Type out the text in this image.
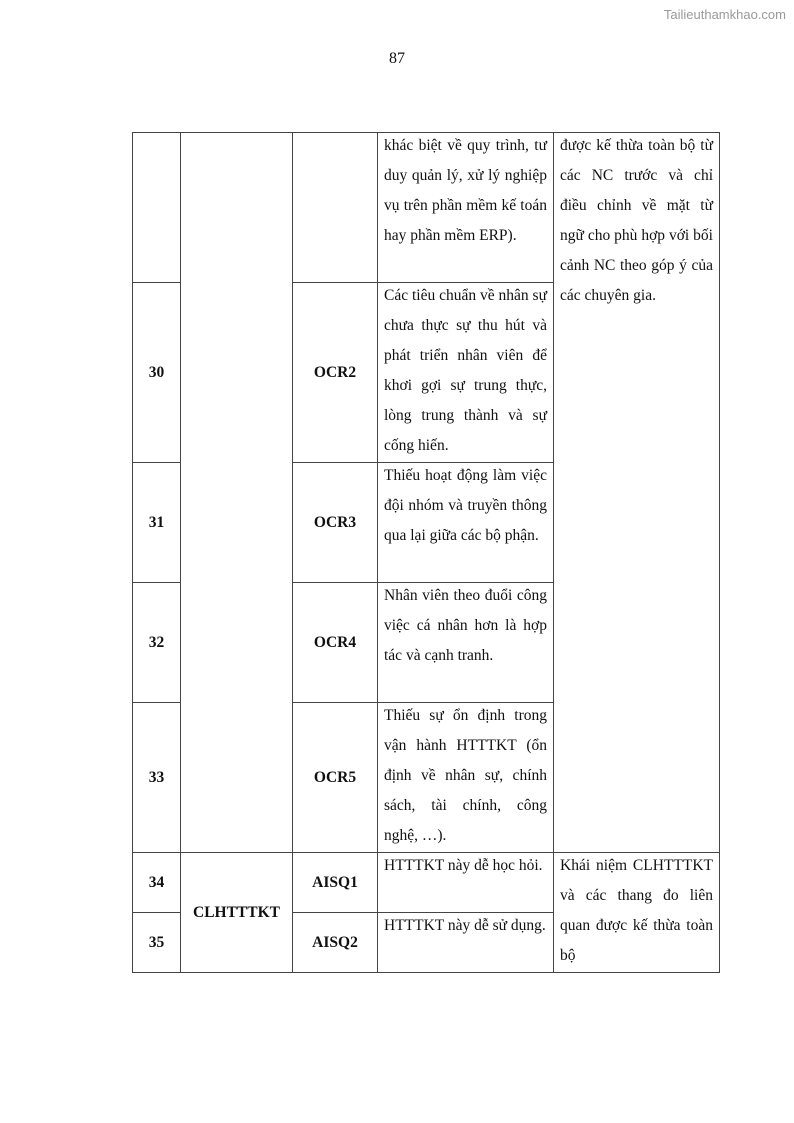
Tailieuthamkhao.com
87

			khác biệt về quy trình, tư duy quản lý, xử lý nghiệp vụ trên phần mềm kế toán hay phần mềm ERP).	được kế thừa toàn bộ từ các NC trước và chỉ điều chỉnh về mặt từ ngữ cho phù hợp với bối cảnh NC theo góp ý của các chuyên gia.

30		OCR2	Các tiêu chuẩn về nhân sự chưa thực sự thu hút và phát triển nhân viên để khơi gợi sự trung thực, lòng trung thành và sự cống hiến.	

31		OCR3	Thiếu hoạt động làm việc đội nhóm và truyền thông qua lại giữa các bộ phận.	

32		OCR4	Nhân viên theo đuổi công việc cá nhân hơn là hợp tác và cạnh tranh.	

33		OCR5	Thiếu sự ổn định trong vận hành HTTTKT (ổn định về nhân sự, chính sách, tài chính, công nghệ, …).	

34	CLHTTTKT	AISQ1	HTTTKT này dễ học hỏi.	Khái niệm CLHTTTKT và các thang đo liên quan được kế thừa toàn bộ

35		AISQ2	HTTTKT này dễ sử dụng.	
